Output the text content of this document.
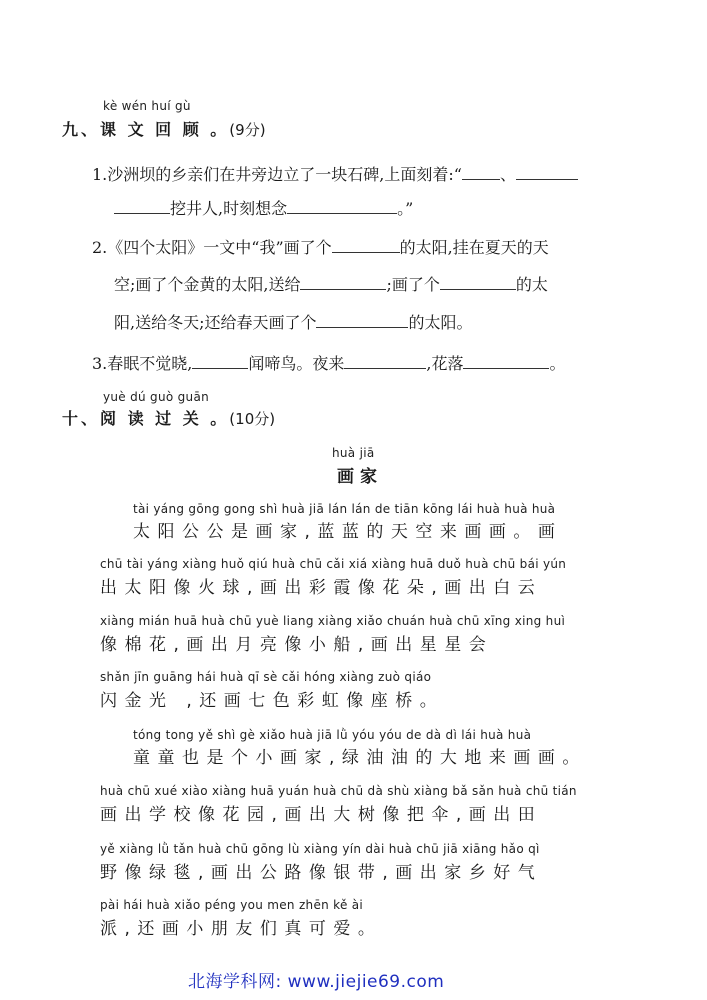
kè wén huí gù
九、课 文 回 顾 。(9分)
1.沙洲坝的乡亲们在井旁边立了一块石碑,上面刻着:“ 、
挖井人,时刻想念	。”
2.《四个太阳》一文中“我”画了个	的太阳,挂在夏天的天
空;画了个金黄的太阳,送给	;画了个	的太
阳,送给冬天;还给春天画了个	的太阳。
3.春眠不觉晓,	闻啼鸟。夜来	,花落	。
yuè dú guò guān
十、阅 读 过 关 。(10分)
huà jiā
画家
tài yáng gōng gong shì huà jiā lán lán de tiān kōng lái huà huà huà
太阳公公是画家,蓝蓝的天空来画画。画
chū tài yáng xiàng huǒ qiú huà chū cǎi xiá xiàng huā duǒ huà chū bái yún
出太阳像火球,画出彩霞像花朵,画出白云
xiàng mián huā huà chū yuè liang xiàng xiǎo chuán huà chū xīng xing huì
像棉花,画出月亮像小船,画出星星会
shǎn jīn guāng hái huà qī sè cǎi hóng xiàng zuò qiáo
闪金光 ,还画七色彩虹像座桥。
tóng tong yě shì gè xiǎo huà jiā lǜ yóu yóu de dà dì lái huà huà
童童也是个小画家,绿油油的大地来画画。
huà chū xué xiào xiàng huā yuán huà chū dà shù xiàng bǎ sǎn huà chū tián
画出学校像花园,画出大树像把伞,画出田
yě xiàng lǜ tǎn huà chū gōng lù xiàng yín dài huà chū jiā xiāng hǎo qì
野像绿毯,画出公路像银带,画出家乡好气
pài hái huà xiǎo péng you men zhēn kě ài
派,还画小朋友们真可爱。
北海学科网: www.jiejie69.com
